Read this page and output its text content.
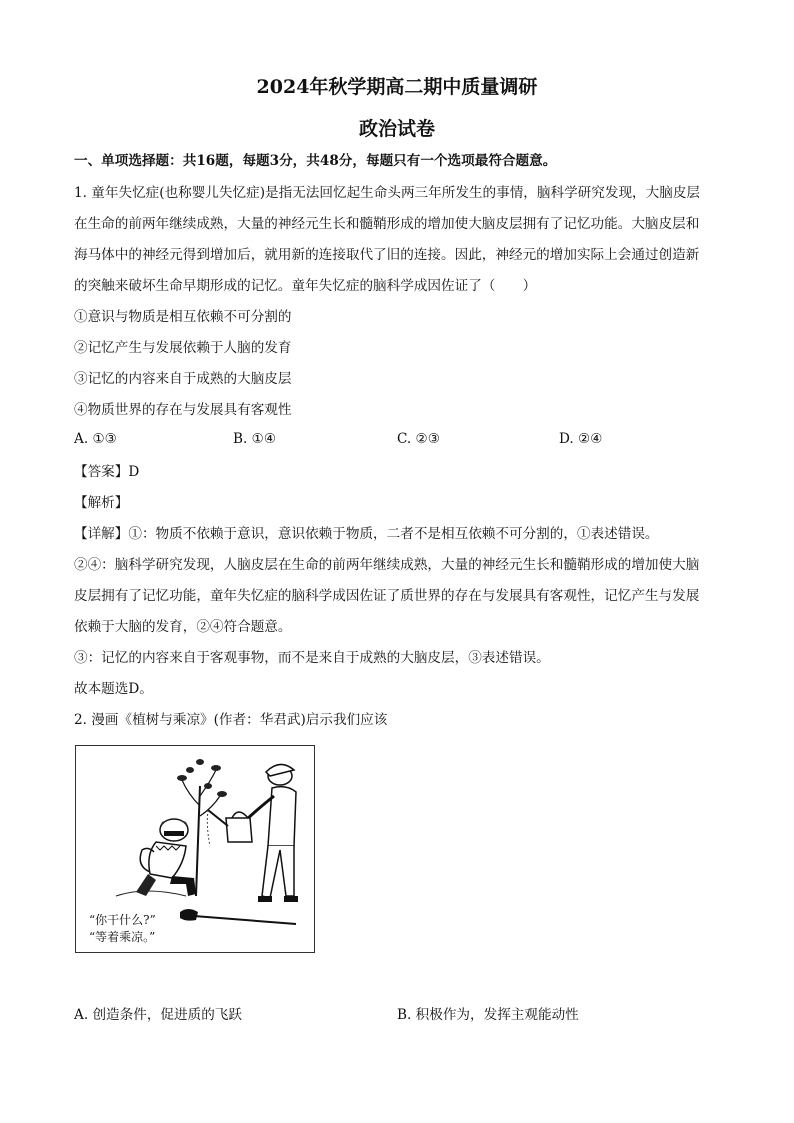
2024年秋学期高二期中质量调研
政治试卷
一、单项选择题：共16题，每题3分，共48分，每题只有一个选项最符合题意。
1. 童年失忆症(也称婴儿失忆症)是指无法回忆起生命头两三年所发生的事情，脑科学研究发现，大脑皮层
在生命的前两年继续成熟，大量的神经元生长和髓鞘形成的增加使大脑皮层拥有了记忆功能。大脑皮层和
海马体中的神经元得到增加后，就用新的连接取代了旧的连接。因此，神经元的增加实际上会通过创造新
的突触来破坏生命早期形成的记忆。童年失忆症的脑科学成因佐证了（　　）
①意识与物质是相互依赖不可分割的
②记忆产生与发展依赖于人脑的发育
③记忆的内容来自于成熟的大脑皮层
④物质世界的存在与发展具有客观性
A. ①③	B. ①④	C. ②③	D. ②④
【答案】D
【解析】
【详解】①：物质不依赖于意识，意识依赖于物质，二者不是相互依赖不可分割的，①表述错误。
②④：脑科学研究发现，人脑皮层在生命的前两年继续成熟，大量的神经元生长和髓鞘形成的增加使大脑
皮层拥有了记忆功能，童年失忆症的脑科学成因佐证了质世界的存在与发展具有客观性，记忆产生与发展
依赖于大脑的发育，②④符合题意。
③：记忆的内容来自于客观事物，而不是来自于成熟的大脑皮层，③表述错误。
故本题选D。
2. 漫画《植树与乘凉》(作者：华君武)启示我们应该
“你干什么?”
“等着乘凉。”
A. 创造条件，促进质的飞跃	B. 积极作为，发挥主观能动性
